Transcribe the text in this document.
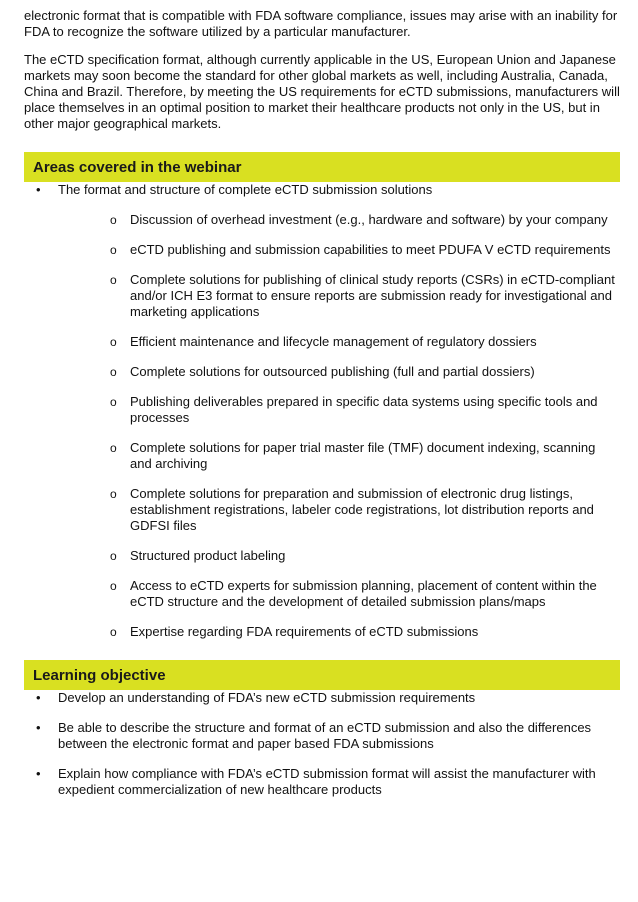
electronic format that is compatible with FDA software compliance, issues may arise with an inability for FDA to recognize the software utilized by a particular manufacturer.

The eCTD specification format, although currently applicable in the US, European Union and Japanese markets may soon become the standard for other global markets as well, including Australia, Canada, China and Brazil. Therefore, by meeting the US requirements for eCTD submissions, manufacturers will place themselves in an optimal position to market their healthcare products not only in the US, but in other major geographical markets.

Areas covered in the webinar
• The format and structure of complete eCTD submission solutions
o Discussion of overhead investment (e.g., hardware and software) by your company
o eCTD publishing and submission capabilities to meet PDUFA V eCTD requirements
o Complete solutions for publishing of clinical study reports (CSRs) in eCTD-compliant and/or ICH E3 format to ensure reports are submission ready for investigational and marketing applications
o Efficient maintenance and lifecycle management of regulatory dossiers
o Complete solutions for outsourced publishing (full and partial dossiers)
o Publishing deliverables prepared in specific data systems using specific tools and processes
o Complete solutions for paper trial master file (TMF) document indexing, scanning and archiving
o Complete solutions for preparation and submission of electronic drug listings, establishment registrations, labeler code registrations, lot distribution reports and GDFSI files
o Structured product labeling
o Access to eCTD experts for submission planning, placement of content within the eCTD structure and the development of detailed submission plans/maps
o Expertise regarding FDA requirements of eCTD submissions
Learning objective
• Develop an understanding of FDA’s new eCTD submission requirements
• Be able to describe the structure and format of an eCTD submission and also the differences between the electronic format and paper based FDA submissions
• Explain how compliance with FDA’s eCTD submission format will assist the manufacturer with expedient commercialization of new healthcare products
